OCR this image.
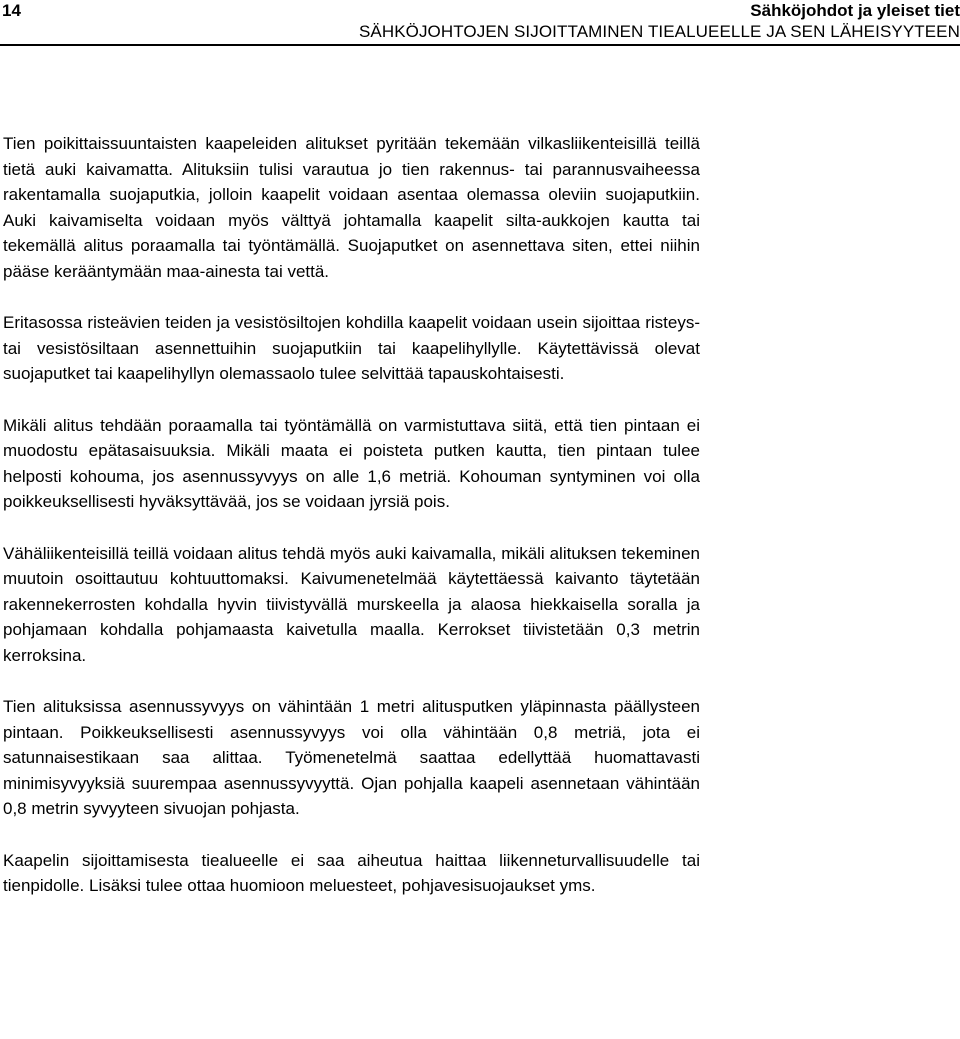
14	Sähköjohdot ja yleiset tiet
SÄHKÖJOHTOJEN SIJOITTAMINEN TIEALUEELLE JA SEN LÄHEISYYTEEN

Tien poikittaissuuntaisten kaapeleiden alitukset pyritään tekemään vilkasliikenteisillä teillä tietä auki kaivamatta. Alituksiin tulisi varautua jo tien rakennus- tai parannusvaiheessa rakentamalla suojaputkia, jolloin kaapelit voidaan asentaa olemassa oleviin suojaputkiin. Auki kaivamiselta voidaan myös välttyä johtamalla kaapelit silta-aukkojen kautta tai tekemällä alitus poraamalla tai työntämällä. Suojaputket on asennettava siten, ettei niihin pääse kerääntymään maa-ainesta tai vettä.

Eritasossa risteävien teiden ja vesistösiltojen kohdilla kaapelit voidaan usein sijoittaa risteys- tai vesistösiltaan asennettuihin suojaputkiin tai kaapelihyllylle. Käytettävissä olevat suojaputket tai kaapelihyllyn olemassaolo tulee selvittää tapauskohtaisesti.

Mikäli alitus tehdään poraamalla tai työntämällä on varmistuttava siitä, että tien pintaan ei muodostu epätasaisuuksia. Mikäli maata ei poisteta putken kautta, tien pintaan tulee helposti kohouma, jos asennussyvyys on alle 1,6 metriä. Kohouman syntyminen voi olla poikkeuksellisesti hyväksyttävää, jos se voidaan jyrsiä pois.

Vähäliikenteisillä teillä voidaan alitus tehdä myös auki kaivamalla, mikäli alituksen tekeminen muutoin osoittautuu kohtuuttomaksi. Kaivumenetelmää käytettäessä kaivanto täytetään rakennekerrosten kohdalla hyvin tiivistyvällä murskeella ja alaosa hiekkaisella soralla ja pohjamaan kohdalla pohjamaasta kaivetulla maalla. Kerrokset tiivistetään 0,3 metrin kerroksina.

Tien alituksissa asennussyvyys on vähintään 1 metri alitusputken yläpinnasta päällysteen pintaan. Poikkeuksellisesti asennussyvyys voi olla vähintään 0,8 metriä, jota ei satunnaisestikaan saa alittaa. Työmenetelmä saattaa edellyttää huomattavasti minimisyvyyksiä suurempaa asennussyvyyttä. Ojan pohjalla kaapeli asennetaan vähintään 0,8 metrin syvyyteen sivuojan pohjasta.

Kaapelin sijoittamisesta tiealueelle ei saa aiheutua haittaa liikenneturvallisuudelle tai tienpidolle. Lisäksi tulee ottaa huomioon meluesteet, pohjavesisuojaukset yms.
